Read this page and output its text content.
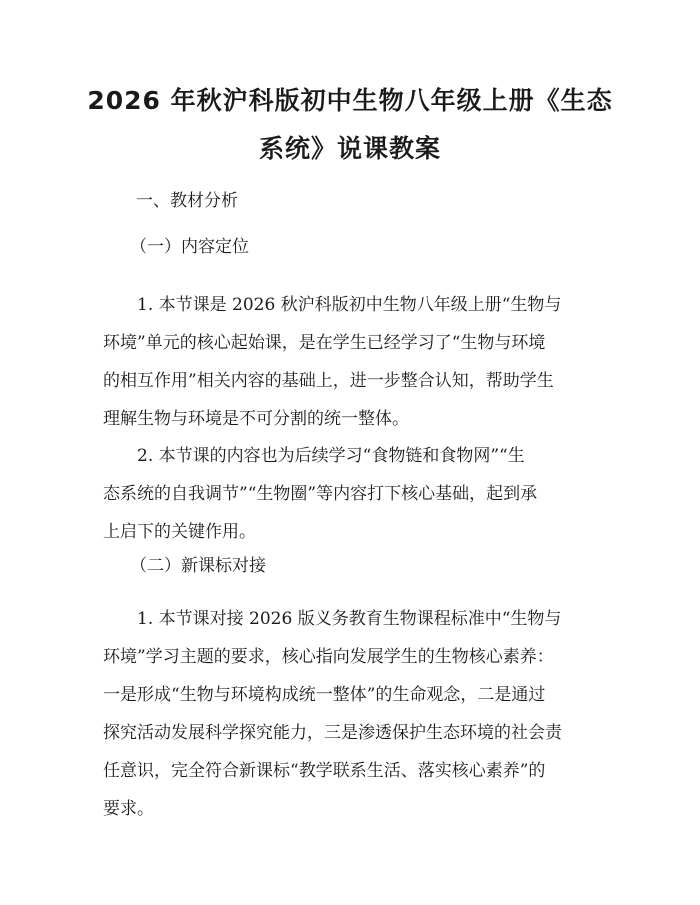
2026 年秋沪科版初中生物八年级上册《生态
系统》说课教案

一、教材分析

（一）内容定位

1. 本节课是 2026 秋沪科版初中生物八年级上册“生物与
环境”单元的核心起始课，是在学生已经学习了“生物与环境
的相互作用”相关内容的基础上，进一步整合认知，帮助学生
理解生物与环境是不可分割的统一整体。
2. 本节课的内容也为后续学习“食物链和食物网”“生
态系统的自我调节”“生物圈”等内容打下核心基础，起到承
上启下的关键作用。

（二）新课标对接

1. 本节课对接 2026 版义务教育生物课程标准中“生物与
环境”学习主题的要求，核心指向发展学生的生物核心素养：
一是形成“生物与环境构成统一整体”的生命观念，二是通过
探究活动发展科学探究能力，三是渗透保护生态环境的社会责
任意识，完全符合新课标“教学联系生活、落实核心素养”的
要求。
